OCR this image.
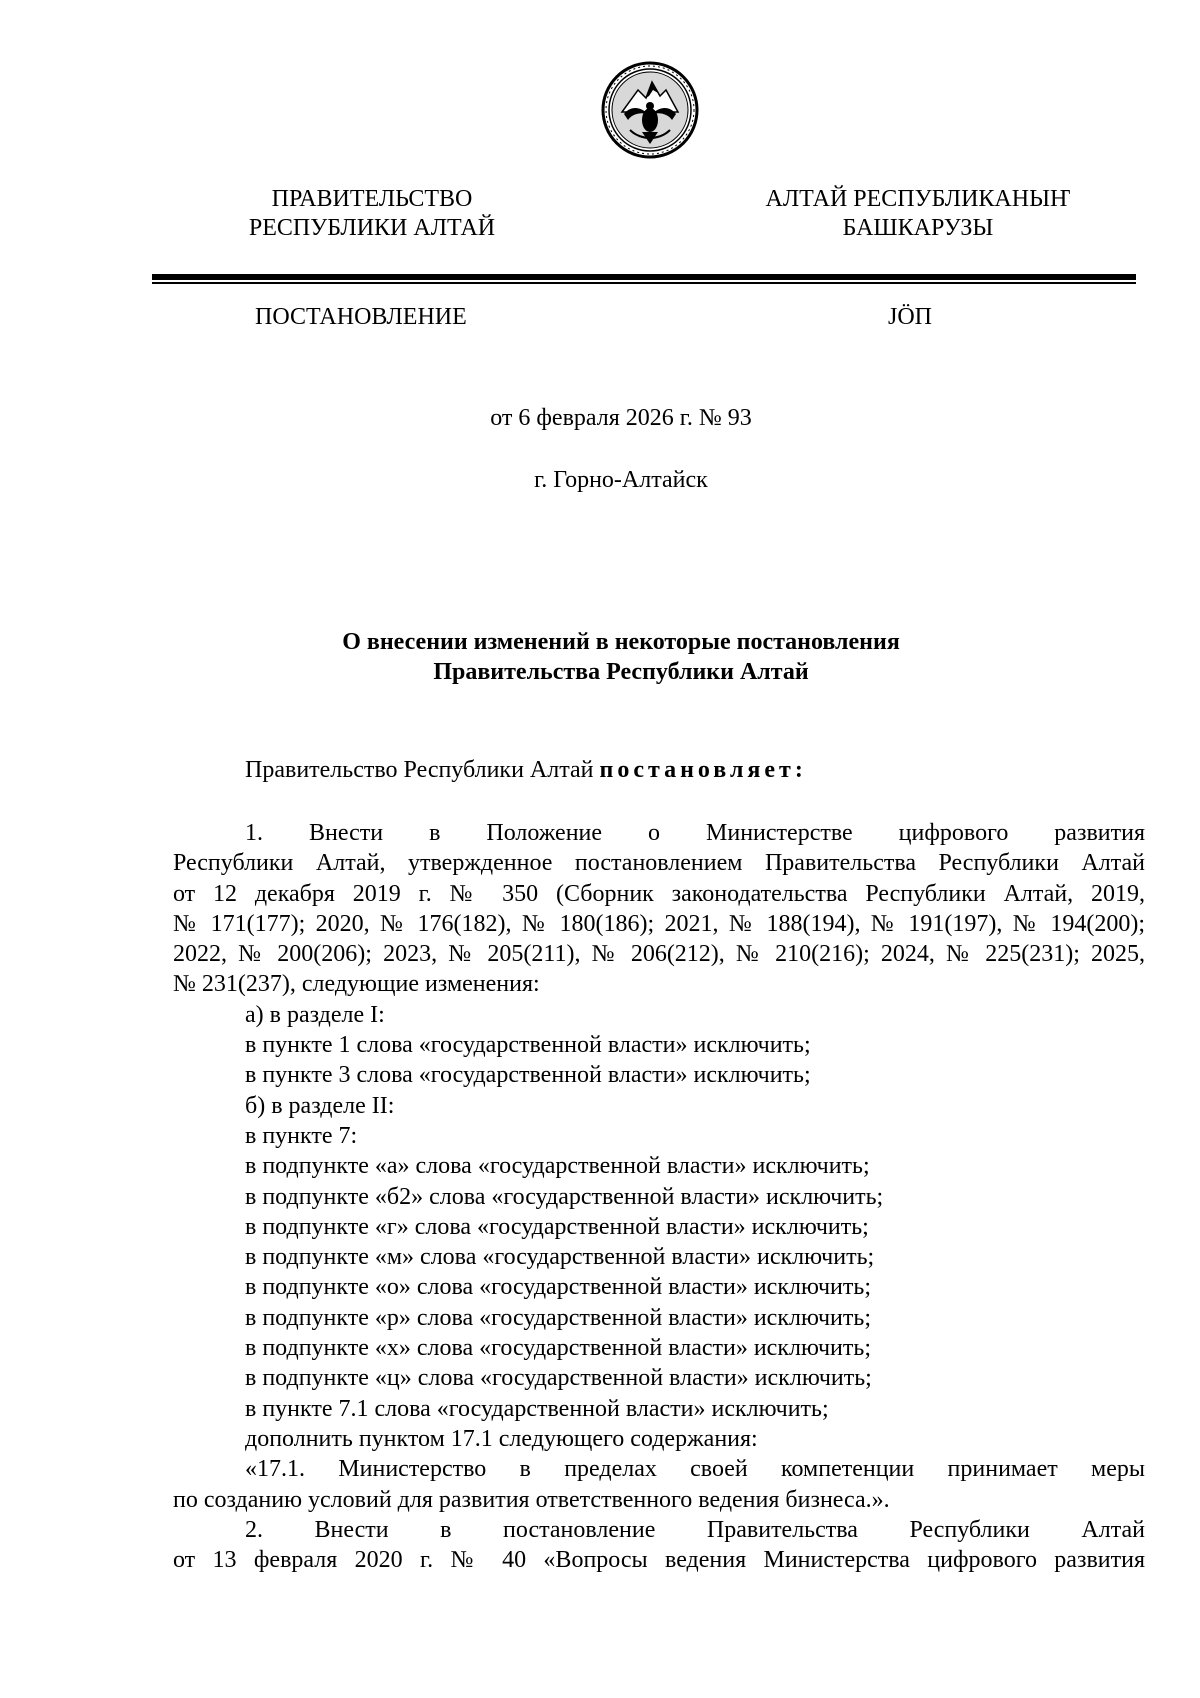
ПРАВИТЕЛЬСТВО
РЕСПУБЛИКИ АЛТАЙ
АЛТАЙ РЕСПУБЛИКАНЫҤ
БАШКАРУЗЫ
ПОСТАНОВЛЕНИЕ	ЈÖП
от 6 февраля 2026 г. № 93
г. Горно-Алтайск
О внесении изменений в некоторые постановления
Правительства Республики Алтай
Правительство Республики Алтай постановляет:

1. Внести в Положение о Министерстве цифрового развития

Республики Алтай, утвержденное постановлением Правительства Республики Алтай

от 12 декабря 2019 г. № 350 (Сборник законодательства Республики Алтай, 2019,

№ 171(177); 2020, № 176(182), № 180(186); 2021, № 188(194), № 191(197), № 194(200);

2022, № 200(206); 2023, № 205(211), № 206(212), № 210(216); 2024, № 225(231); 2025,

№ 231(237), следующие изменения:

а) в разделе I:

в пункте 1 слова «государственной власти» исключить;

в пункте 3 слова «государственной власти» исключить;

б) в разделе II:

в пункте 7:

в подпункте «а» слова «государственной власти» исключить;

в подпункте «б2» слова «государственной власти» исключить;

в подпункте «г» слова «государственной власти» исключить;

в подпункте «м» слова «государственной власти» исключить;

в подпункте «о» слова «государственной власти» исключить;

в подпункте «р» слова «государственной власти» исключить;

в подпункте «х» слова «государственной власти» исключить;

в подпункте «ц» слова «государственной власти» исключить;

в пункте 7.1 слова «государственной власти» исключить;

дополнить пунктом 17.1 следующего содержания:

«17.1. Министерство в пределах своей компетенции принимает меры

по созданию условий для развития ответственного ведения бизнеса.».

2. Внести в постановление Правительства Республики Алтай

от 13 февраля 2020 г. № 40 «Вопросы ведения Министерства цифрового развития
